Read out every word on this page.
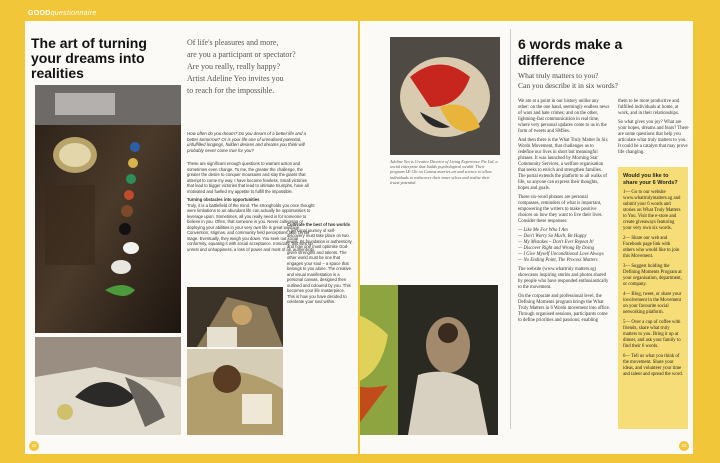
GOODquestionnaire
The art of turning your dreams into realities

Of life's pleasures and more,

are you a participant or spectator?

Are you really, really happy?

Artist Adeline Yeo invites you

to reach for the impossible.

How often do you dream? Do you dream of a better life and a better tomorrow? Or is your life one of unrealised potential, unfulfilled longings, hidden desires and dreams you think will probably never come true for you?

These are significant enough questions to warrant action and sometimes even change. To me, the greater the challenge, the greater the desire to conquer mountains and slay the giants that attempt to come my way. I have become fearless. Small victories that lead to bigger victories that lead to ultimate triumphs, have all motivated and fuelled my appetite to fulfill the impossible.

Turning obstacles into opportunities

Truly, it is a battlefield of the mind. The strongholds you once thought were limitations to an abundant life can actually be opportunities to leverage upon. Sometimes, all you really need is for someone to believe in you. Often, that someone is you. Never cultivating or deploying your abilities in your very own life is great wastage. Convention, stigmas, and community held perceptions take center stage. Eventually, they weigh you down. You seek out social conformity, equating it with social acceptance. Ironically, this stirs up unrest and unhappiness, a loss of power and most of all, authenticity.

Cultivate the best of two worlds

A personal journey of self-discovery must take place on two levels. Its foundation is authenticity, and how one must optimise God-given strengths and talents. The other world must be one that engages your soul – a space that belongs to you alone. The creative and visual manifestation is a personal canvas, designed then outlined and coloured by you. This becomes your life masterpiece. This is how you have decided to celebrate your soul within.

22
Adeline Yeo is Creative Director of Living Experience Pte Ltd, a social enterprise that builds psychological wealth. Their program LE Chi on Canvas marries art and science to allow individuals to rediscover their inner selves and realise their truest potential.
6 words make a difference
What truly matters to you?
Can you describe it in six words?

We are at a point in our history unlike any other: on the one hand, seemingly endless news of wars and hate crimes; and on the other, lightning-fast communication in real time, where very personal updates come to us in the form of tweets and SMSes.

And then there is the What Truly Matter In Six Words Movement, that challenges us to redefine our lives in short but meaningful phrases. It was launched by Morning Star Community Services, a welfare organisation that seeks to enrich and strengthen families. The portal extends the platform to all walks of life, so anyone can express their thoughts, hopes and goals.

These six-word phrases are personal compasses, reminders of what is important, empowering the writers to make positive choices on how they want to live their lives. Consider these responses:

— Like Me For Who I Am
— Don't Worry So Much, Be Happy
— My Mistakes – Don't Ever Repeat It!
— Discover Right and Wrong By Doing
— I Give Myself Unconditional Love Always
— No Ending Point, The Process Matters

The website (www.whattruly matters.sg) showcases inspiring stories and photos shared by people who have responded enthusiastically to the movement.

On the corporate and professional level, the Defining Moments program brings the What Truly Matters in 6 Words movement into office. Through organised sessions, participants come to define priorities and passions; enabling

them to be more productive and fulfilled individuals at home, at work, and in their relationships.

So what gives you joy? What are your hopes, dreams and fears? There are some questions that help you articulate what truly matters to you. It could be a catalyst that may prove life changing.

Would you like to share your 6 Words?

1— Go to our website www.whattrulymatters.sg and submit your 6 words and stories on What Truly Matters to You. Visit the e-store and create giveaways featuring your very own six words.

2— Share our web and Facebook page link with others who would like to join this Movement.

3— Suggest holding the Defining Moments Program at your organisation, department, or company.

4— Blog, tweet, or share your involvement in the Movement on your favourite social networking platform.

5— Over a cup of coffee with friends, share what truly matters to you. Bring it up at dinner, and ask your family to find their 6 words.

6— Tell us what you think of the movement. Share your ideas, and volunteer your time and talent and spread the word.

23
